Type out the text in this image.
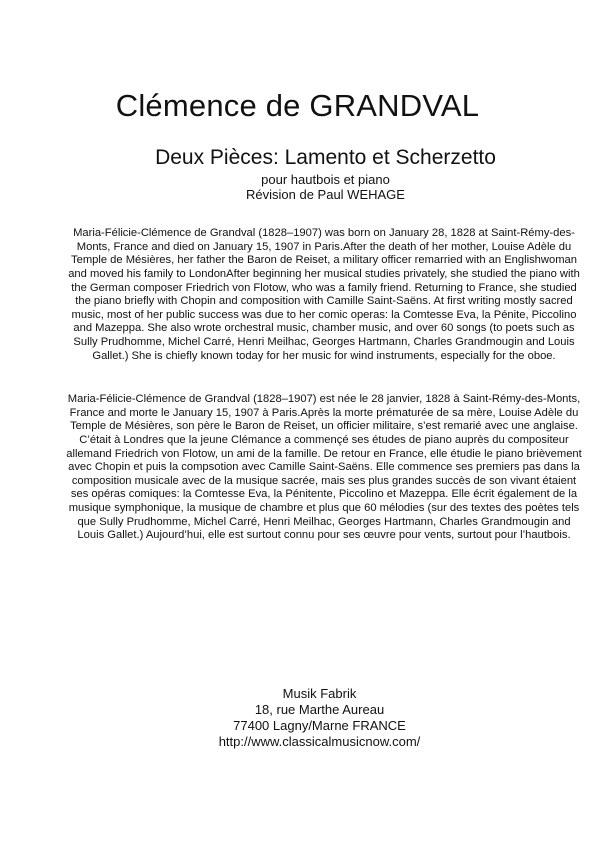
Clémence de GRANDVAL
Deux Pièces: Lamento et Scherzetto
pour hautbois et piano
Révision de Paul WEHAGE

Maria-Félicie-Clémence de Grandval (1828–1907) was born on January 28, 1828 at Saint-Rémy-des-Monts, France and died on January 15, 1907 in Paris.After the death of her mother, Louise Adèle du Temple de Mésières, her father the Baron de Reiset, a military officer remarried with an Englishwoman and moved his family to LondonAfter beginning her musical studies privately, she studied the piano with the German composer Friedrich von Flotow, who was a family friend. Returning to France, she studied the piano briefly with Chopin and composition with Camille Saint-Saëns. At first writing mostly sacred music, most of her public success was due to her comic operas: la Comtesse Eva, la Pénite, Piccolino and Mazeppa. She also wrote orchestral music, chamber music, and over 60 songs (to poets such as Sully Prudhomme, Michel Carré, Henri Meilhac, Georges Hartmann, Charles Grandmougin and Louis Gallet.) She is chiefly known today for her music for wind instruments, especially for the oboe.

Maria-Félicie-Clémence de Grandval (1828–1907) est née le 28 janvier, 1828 à Saint-Rémy-des-Monts, France and morte le January 15, 1907 à Paris.Après la morte prématurée de sa mère, Louise Adèle du Temple de Mésières, son père le Baron de Reiset, un officier militaire, s’est remarié avec une anglaise. C’était à Londres que la jeune Clémance a commençé ses études de piano auprès du compositeur allemand Friedrich von Flotow, un ami de la famille. De retour en France, elle étudie le piano brièvement avec Chopin et puis la compsotion avec Camille Saint-Saëns. Elle commence ses premiers pas dans la composition musicale avec de la musique sacrée, mais ses plus grandes succès de son vivant étaient ses opéras comiques: la Comtesse Eva, la Pénitente, Piccolino et Mazeppa. Elle écrit également de la musique symphonique, la musique de chambre et plus que 60 mélodies (sur des textes des poètes tels que Sully Prudhomme, Michel Carré, Henri Meilhac, Georges Hartmann, Charles Grandmougin and Louis Gallet.) Aujourd’hui, elle est surtout connu pour ses œuvre pour vents, surtout pour l’hautbois.

Musik Fabrik
18, rue Marthe Aureau
77400 Lagny/Marne FRANCE
http://www.classicalmusicnow.com/
